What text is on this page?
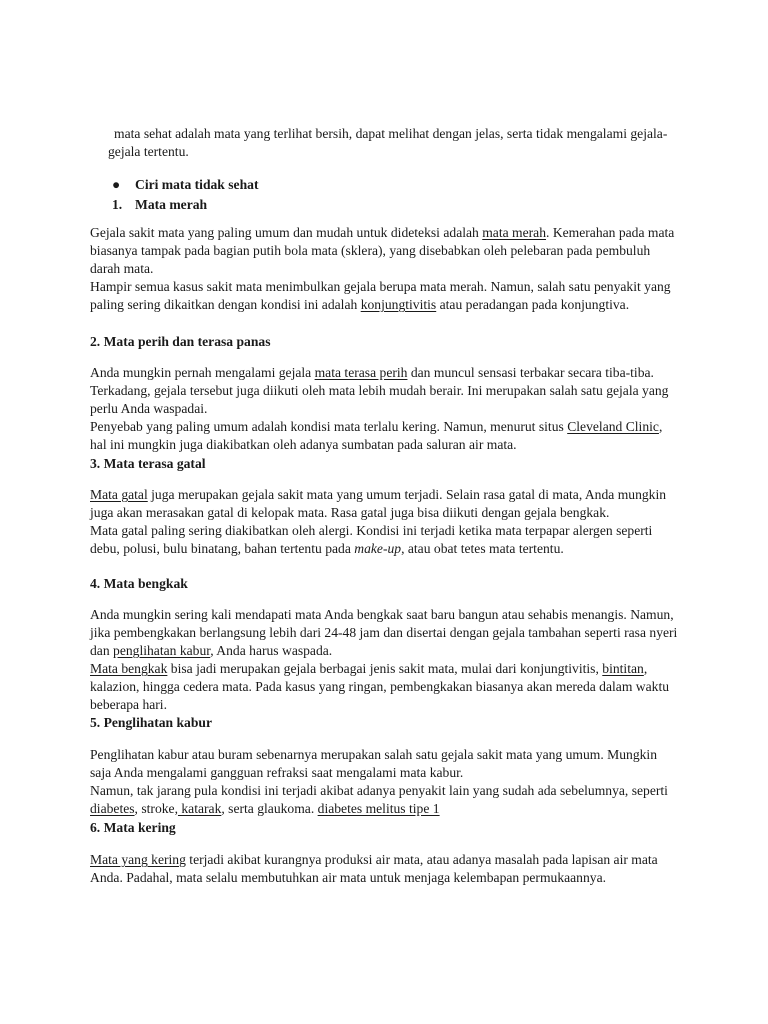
mata sehat adalah mata yang terlihat bersih, dapat melihat dengan jelas, serta tidak mengalami gejala-gejala tertentu.
● Ciri mata tidak sehat
1. Mata merah
Gejala sakit mata yang paling umum dan mudah untuk dideteksi adalah mata merah. Kemerahan pada mata biasanya tampak pada bagian putih bola mata (sklera), yang disebabkan oleh pelebaran pada pembuluh darah mata.
Hampir semua kasus sakit mata menimbulkan gejala berupa mata merah. Namun, salah satu penyakit yang paling sering dikaitkan dengan kondisi ini adalah konjungtivitis atau peradangan pada konjungtiva.
2. Mata perih dan terasa panas
Anda mungkin pernah mengalami gejala mata terasa perih dan muncul sensasi terbakar secara tiba-tiba. Terkadang, gejala tersebut juga diikuti oleh mata lebih mudah berair. Ini merupakan salah satu gejala yang perlu Anda waspadai.
Penyebab yang paling umum adalah kondisi mata terlalu kering. Namun, menurut situs Cleveland Clinic, hal ini mungkin juga diakibatkan oleh adanya sumbatan pada saluran air mata.
3. Mata terasa gatal
Mata gatal juga merupakan gejala sakit mata yang umum terjadi. Selain rasa gatal di mata, Anda mungkin juga akan merasakan gatal di kelopak mata. Rasa gatal juga bisa diikuti dengan gejala bengkak.
Mata gatal paling sering diakibatkan oleh alergi. Kondisi ini terjadi ketika mata terpapar alergen seperti debu, polusi, bulu binatang, bahan tertentu pada make-up, atau obat tetes mata tertentu.
4. Mata bengkak
Anda mungkin sering kali mendapati mata Anda bengkak saat baru bangun atau sehabis menangis. Namun, jika pembengkakan berlangsung lebih dari 24-48 jam dan disertai dengan gejala tambahan seperti rasa nyeri dan penglihatan kabur, Anda harus waspada.
Mata bengkak bisa jadi merupakan gejala berbagai jenis sakit mata, mulai dari konjungtivitis, bintitan, kalazion, hingga cedera mata. Pada kasus yang ringan, pembengkakan biasanya akan mereda dalam waktu beberapa hari.
5. Penglihatan kabur
Penglihatan kabur atau buram sebenarnya merupakan salah satu gejala sakit mata yang umum. Mungkin saja Anda mengalami gangguan refraksi saat mengalami mata kabur.
Namun, tak jarang pula kondisi ini terjadi akibat adanya penyakit lain yang sudah ada sebelumnya, seperti diabetes, stroke, katarak, serta glaukoma. diabetes melitus tipe 1
6. Mata kering
Mata yang kering terjadi akibat kurangnya produksi air mata, atau adanya masalah pada lapisan air mata Anda. Padahal, mata selalu membutuhkan air mata untuk menjaga kelembapan permukaannya.
